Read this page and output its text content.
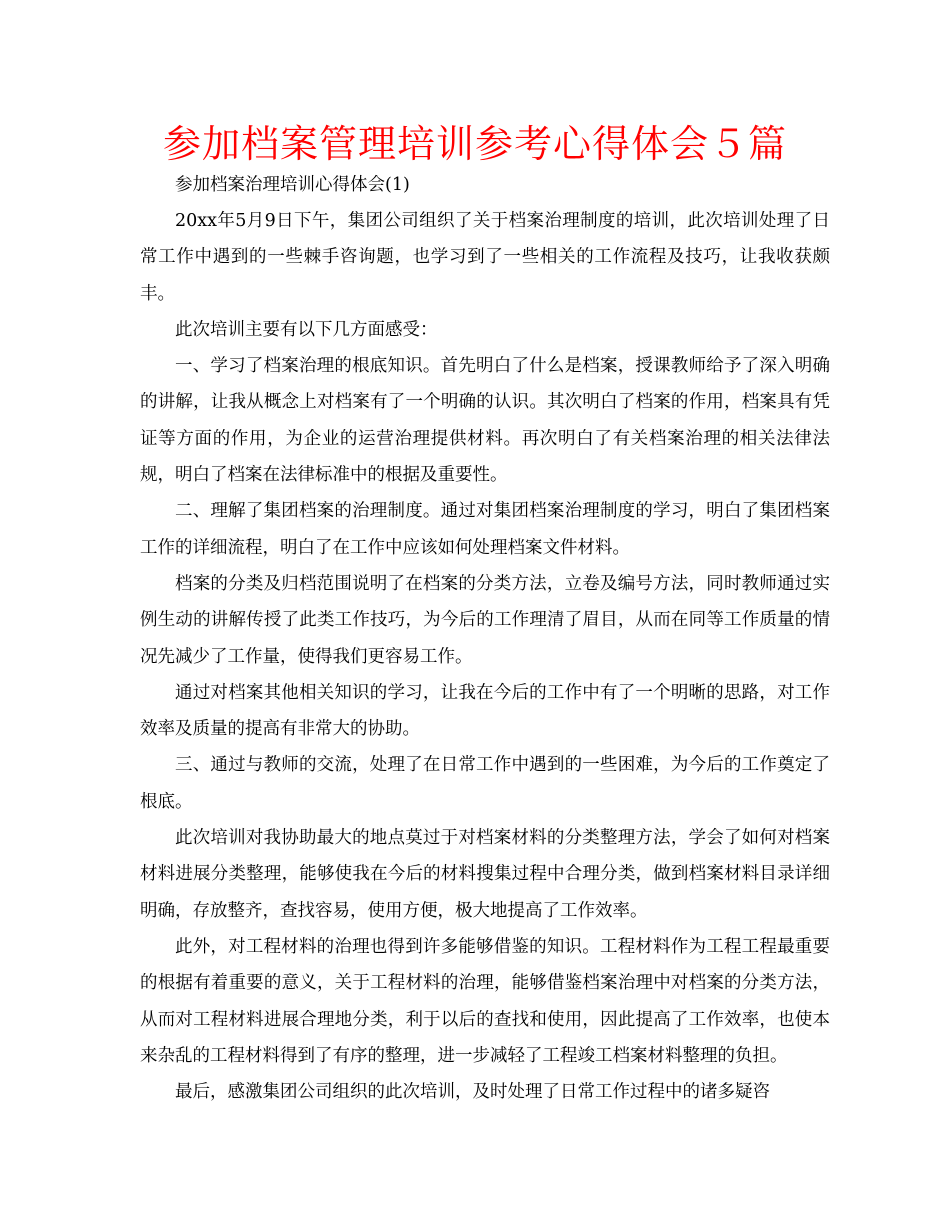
参加档案管理培训参考心得体会５篇

参加档案治理培训心得体会(1)

20xx年5月9日下午，集团公司组织了关于档案治理制度的培训，此次培训处理了日常工作中遇到的一些棘手咨询题，也学习到了一些相关的工作流程及技巧，让我收获颇丰。

此次培训主要有以下几方面感受：

一、学习了档案治理的根底知识。首先明白了什么是档案，授课教师给予了深入明确的讲解，让我从概念上对档案有了一个明确的认识。其次明白了档案的作用，档案具有凭证等方面的作用，为企业的运营治理提供材料。再次明白了有关档案治理的相关法律法规，明白了档案在法律标准中的根据及重要性。

二、理解了集团档案的治理制度。通过对集团档案治理制度的学习，明白了集团档案工作的详细流程，明白了在工作中应该如何处理档案文件材料。

档案的分类及归档范围说明了在档案的分类方法，立卷及编号方法，同时教师通过实例生动的讲解传授了此类工作技巧，为今后的工作理清了眉目，从而在同等工作质量的情况先减少了工作量，使得我们更容易工作。

通过对档案其他相关知识的学习，让我在今后的工作中有了一个明晰的思路，对工作效率及质量的提高有非常大的协助。

三、通过与教师的交流，处理了在日常工作中遇到的一些困难，为今后的工作奠定了根底。

此次培训对我协助最大的地点莫过于对档案材料的分类整理方法，学会了如何对档案材料进展分类整理，能够使我在今后的材料搜集过程中合理分类，做到档案材料目录详细明确，存放整齐，查找容易，使用方便，极大地提高了工作效率。

此外，对工程材料的治理也得到许多能够借鉴的知识。工程材料作为工程工程最重要的根据有着重要的意义，关于工程材料的治理，能够借鉴档案治理中对档案的分类方法，从而对工程材料进展合理地分类，利于以后的查找和使用，因此提高了工作效率，也使本来杂乱的工程材料得到了有序的整理，进一步减轻了工程竣工档案材料整理的负担。

最后，感激集团公司组织的此次培训，及时处理了日常工作过程中的诸多疑咨
